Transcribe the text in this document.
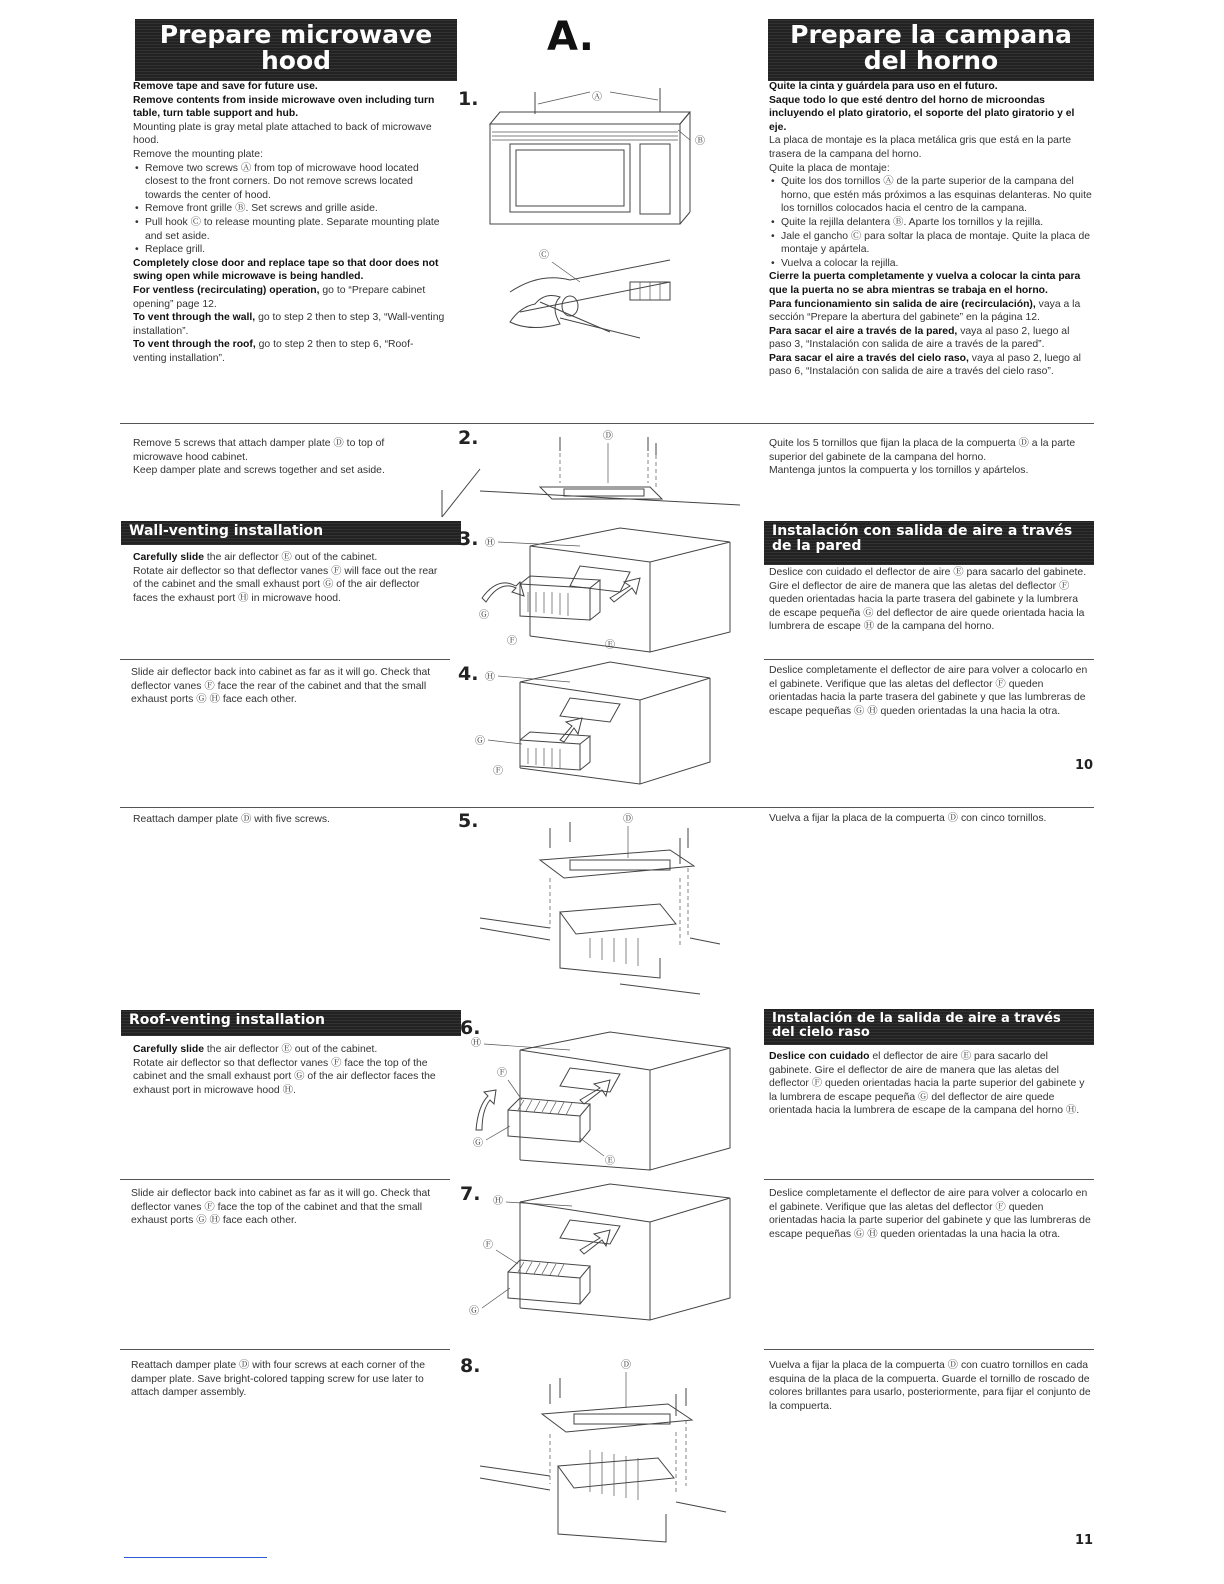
Prepare microwave hood
A.	Prepare la campana del horno

Remove tape and save for future use.

Remove contents from inside microwave oven including turn table, turn table support and hub.

Mounting plate is gray metal plate attached to back of microwave hood.

Remove the mounting plate:

• Remove two screws Ⓐ from top of microwave hood located closest to the front corners. Do not remove screws located towards the center of hood.

• Remove front grille Ⓑ. Set screws and grille aside.

• Pull hook Ⓒ to release mounting plate. Separate mounting plate and set aside.

• Replace grill.

Completely close door and replace tape so that door does not swing open while microwave is being handled.

For ventless (recirculating) operation, go to “Prepare cabinet opening” page 12.

To vent through the wall, go to step 2 then to step 3, “Wall-venting installation”.

To vent through the roof, go to step 2 then to step 6, “Roof-venting installation”.

1.	Ⓐ
Ⓑ
Ⓒ

Quite la cinta y guárdela para uso en el futuro.

Saque todo lo que esté dentro del horno de microondas incluyendo el plato giratorio, el soporte del plato giratorio y el eje.

La placa de montaje es la placa metálica gris que está en la parte trasera de la campana del horno.

Quite la placa de montaje:

• Quite los dos tornillos Ⓐ de la parte superior de la campana del horno, que estén más próximos a las esquinas delanteras. No quite los tornillos colocados hacia el centro de la campana.

• Quite la rejilla delantera Ⓑ. Aparte los tornillos y la rejilla.

• Jale el gancho Ⓒ para soltar la placa de montaje. Quite la placa de montaje y apártela.

• Vuelva a colocar la rejilla.

Cierre la puerta completamente y vuelva a colocar la cinta para que la puerta no se abra mientras se trabaja en el horno.

Para funcionamiento sin salida de aire (recirculación), vaya a la sección “Prepare la abertura del gabinete” en la página 12.

Para sacar el aire a través de la pared, vaya al paso 2, luego al paso 3, “Instalación con salida de aire a través de la pared”.

Para sacar el aire a través del cielo raso, vaya al paso 2, luego al paso 6, “Instalación con salida de aire a través del cielo raso”.

Remove 5 screws that attach damper plate Ⓓ to top of microwave hood cabinet.

Keep damper plate and screws together and set aside.

2.	Ⓓ

Quite los 5 tornillos que fijan la placa de la compuerta Ⓓ a la parte superior del gabinete de la campana del horno.

Mantenga juntos la compuerta y los tornillos y apártelos.

Wall-venting installation	Instalación con salida de aire a través de la pared

Carefully slide the air deflector Ⓔ out of the cabinet.

Rotate air deflector so that deflector vanes Ⓕ will face out the rear of the cabinet and the small exhaust port Ⓖ of the air deflector faces the exhaust port Ⓗ in microwave hood.

3. Ⓗ
Ⓖ
Ⓕ	Ⓔ

Deslice con cuidado el deflector de aire Ⓔ para sacarlo del gabinete. Gire el deflector de aire de manera que las aletas del deflector Ⓕ queden orientadas hacia la parte trasera del gabinete y la lumbrera de escape pequeña Ⓖ del deflector de aire quede orientada hacia la lumbrera de escape Ⓗ de la campana del horno.

Slide air deflector back into cabinet as far as it will go. Check that deflector vanes Ⓕ face the rear of the cabinet and that the small exhaust ports Ⓖ Ⓗ face each other.

4. Ⓗ
Ⓖ
Ⓕ

Deslice completamente el deflector de aire para volver a colocarlo en el gabinete. Verifique que las aletas del deflector Ⓕ queden orientadas hacia la parte trasera del gabinete y que las lumbreras de escape pequeñas Ⓖ Ⓗ queden orientadas la una hacia la otra.

10

Reattach damper plate Ⓓ with five screws.	5.	Ⓓ	Vuelva a fijar la placa de la compuerta Ⓓ con cinco tornillos.

Roof-venting installation	Instalación de la salida de aire a través del cielo raso

Carefully slide the air deflector Ⓔ out of the cabinet.

Rotate air deflector so that deflector vanes Ⓕ face the top of the cabinet and the small exhaust port Ⓖ of the air deflector faces the exhaust port in microwave hood Ⓗ.

6.
Ⓗ
Ⓕ
Ⓖ
Ⓔ

Deslice con cuidado el deflector de aire Ⓔ para sacarlo del gabinete. Gire el deflector de aire de manera que las aletas del deflector Ⓕ queden orientadas hacia la parte superior del gabinete y la lumbrera de escape pequeña Ⓖ del deflector de aire quede orientada hacia la lumbrera de escape de la campana del horno Ⓗ.

Slide air deflector back into cabinet as far as it will go. Check that deflector vanes Ⓕ face the top of the cabinet and that the small exhaust ports Ⓖ Ⓗ face each other.

7. Ⓗ
Ⓕ
Ⓖ

Deslice completamente el deflector de aire para volver a colocarlo en el gabinete. Verifique que las aletas del deflector Ⓕ queden orientadas hacia la parte superior del gabinete y que las lumbreras de escape pequeñas Ⓖ Ⓗ queden orientadas la una hacia la otra.

Reattach damper plate Ⓓ with four screws at each corner of the damper plate. Save bright-colored tapping screw for use later to attach damper assembly.

8.	Ⓓ	Vuelva a fijar la placa de la compuerta Ⓓ con cuatro tornillos en cada esquina de la placa de la compuerta. Guarde el tornillo de roscado de colores brillantes para usarlo, posteriormente, para fijar el conjunto de la compuerta.

11
